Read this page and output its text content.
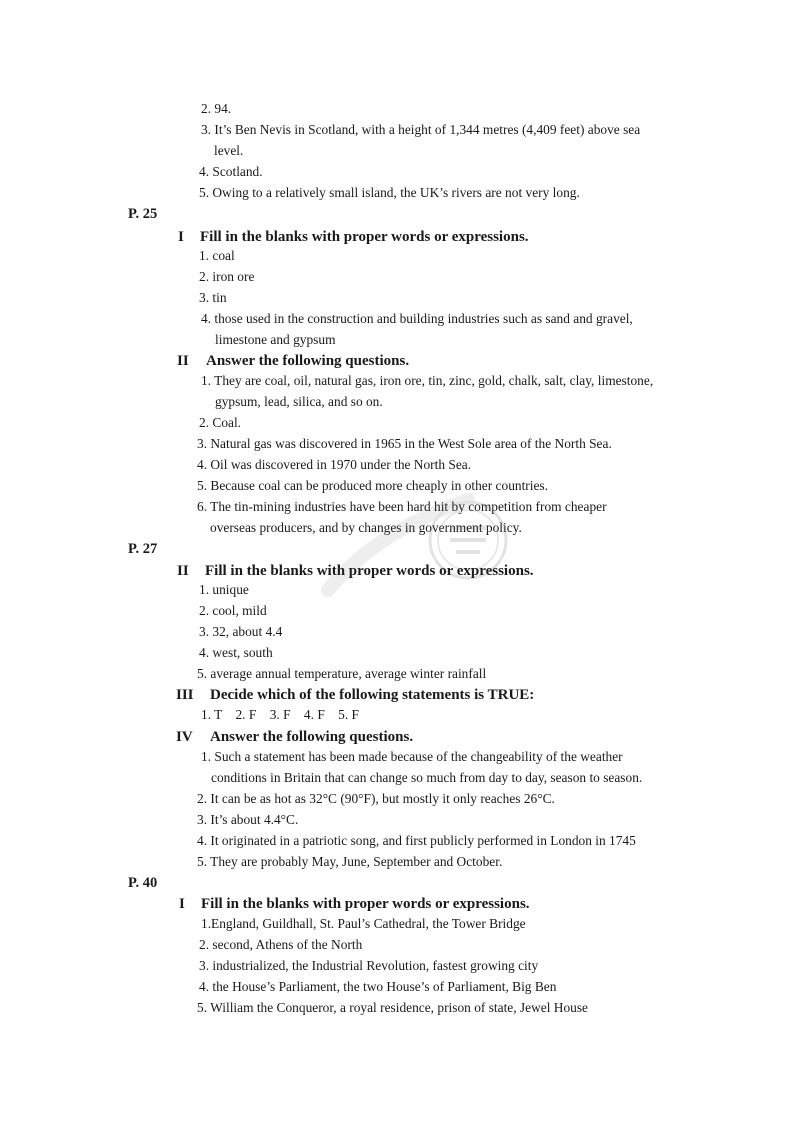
2. 94.
3. It’s Ben Nevis in Scotland, with a height of 1,344 metres (4,409 feet) above sea
level.
4. Scotland.
5. Owing to a relatively small island, the UK’s rivers are not very long.
P. 25
I Fill in the blanks with proper words or expressions.
1. coal
2. iron ore
3. tin
4. those used in the construction and building industries such as sand and gravel,
limestone and gypsum
II Answer the following questions.
1. They are coal, oil, natural gas, iron ore, tin, zinc, gold, chalk, salt, clay, limestone,
gypsum, lead, silica, and so on.
2. Coal.
3. Natural gas was discovered in 1965 in the West Sole area of the North Sea.
4. Oil was discovered in 1970 under the North Sea.
5. Because coal can be produced more cheaply in other countries.
6. The tin-mining industries have been hard hit by competition from cheaper
overseas producers, and by changes in government policy.
P. 27
II Fill in the blanks with proper words or expressions.
1. unique
2. cool, mild
3. 32, about 4.4
4. west, south
5. average annual temperature, average winter rainfall
III Decide which of the following statements is TRUE:
1. T    2. F    3. F    4. F    5. F
IV Answer the following questions.
1. Such a statement has been made because of the changeability of the weather
conditions in Britain that can change so much from day to day, season to season.
2. It can be as hot as 32°C (90°F), but mostly it only reaches 26°C.
3. It’s about 4.4°C.
4. It originated in a patriotic song, and first publicly performed in London in 1745
5. They are probably May, June, September and October.
P. 40
I Fill in the blanks with proper words or expressions.
1.England, Guildhall, St. Paul’s Cathedral, the Tower Bridge
2. second, Athens of the North
3. industrialized, the Industrial Revolution, fastest growing city
4. the House’s Parliament, the two House’s of Parliament, Big Ben
5. William the Conqueror, a royal residence, prison of state, Jewel House
